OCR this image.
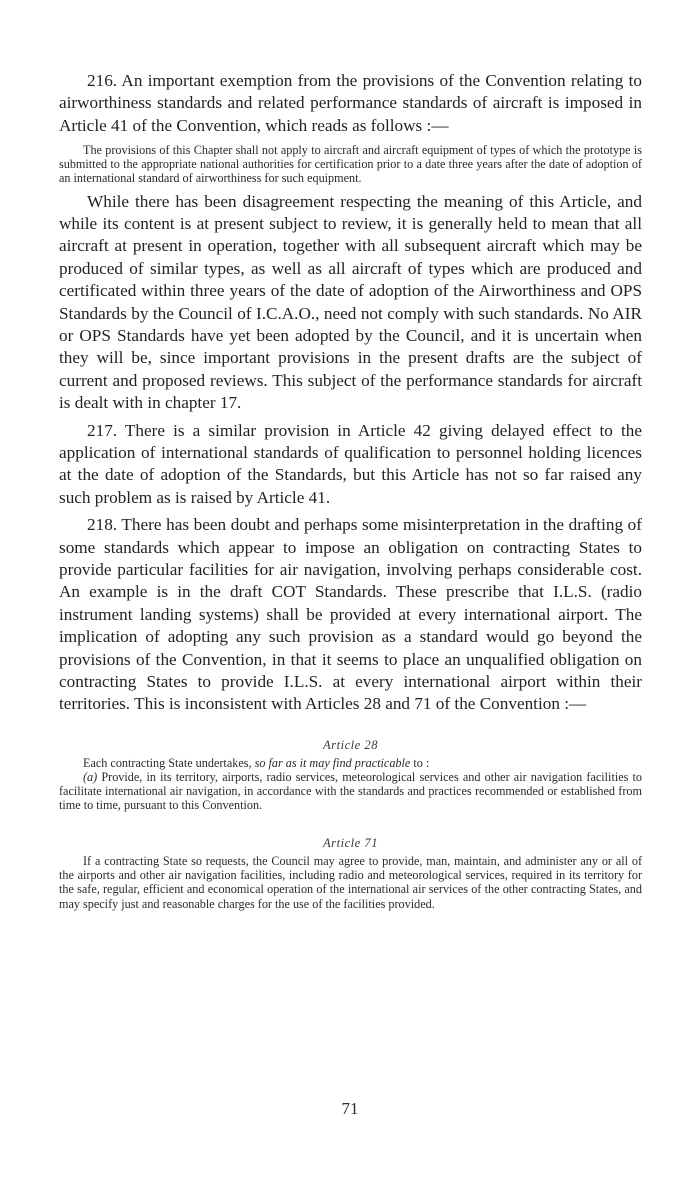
216. An important exemption from the provisions of the Convention relating to airworthiness standards and related performance standards of aircraft is imposed in Article 41 of the Convention, which reads as follows :—

The provisions of this Chapter shall not apply to aircraft and aircraft equipment of types of which the prototype is submitted to the appropriate national authorities for certification prior to a date three years after the date of adoption of an international standard of airworthiness for such equipment.

While there has been disagreement respecting the meaning of this Article, and while its content is at present subject to review, it is generally held to mean that all aircraft at present in operation, together with all subsequent aircraft which may be produced of similar types, as well as all aircraft of types which are produced and certificated within three years of the date of adoption of the Airworthiness and OPS Standards by the Council of I.C.A.O., need not comply with such standards. No AIR or OPS Standards have yet been adopted by the Council, and it is uncertain when they will be, since important provisions in the present drafts are the subject of current and proposed reviews. This subject of the performance standards for aircraft is dealt with in chapter 17.

217. There is a similar provision in Article 42 giving delayed effect to the application of international standards of qualification to personnel holding licences at the date of adoption of the Standards, but this Article has not so far raised any such problem as is raised by Article 41.

218. There has been doubt and perhaps some misinterpretation in the drafting of some standards which appear to impose an obligation on contracting States to provide particular facilities for air navigation, involving perhaps considerable cost. An example is in the draft COT Standards. These prescribe that I.L.S. (radio instrument landing systems) shall be provided at every international airport. The implication of adopting any such provision as a standard would go beyond the provisions of the Convention, in that it seems to place an unqualified obligation on contracting States to provide I.L.S. at every international airport within their territories. This is inconsistent with Articles 28 and 71 of the Convention :—

Article 28

Each contracting State undertakes, so far as it may find practicable to :

(a) Provide, in its territory, airports, radio services, meteorological services and other air navigation facilities to facilitate international air navigation, in accordance with the standards and practices recommended or established from time to time, pursuant to this Convention.

Article 71

If a contracting State so requests, the Council may agree to provide, man, maintain, and administer any or all of the airports and other air navigation facilities, including radio and meteorological services, required in its territory for the safe, regular, efficient and economical operation of the international air services of the other contracting States, and may specify just and reasonable charges for the use of the facilities provided.

71
